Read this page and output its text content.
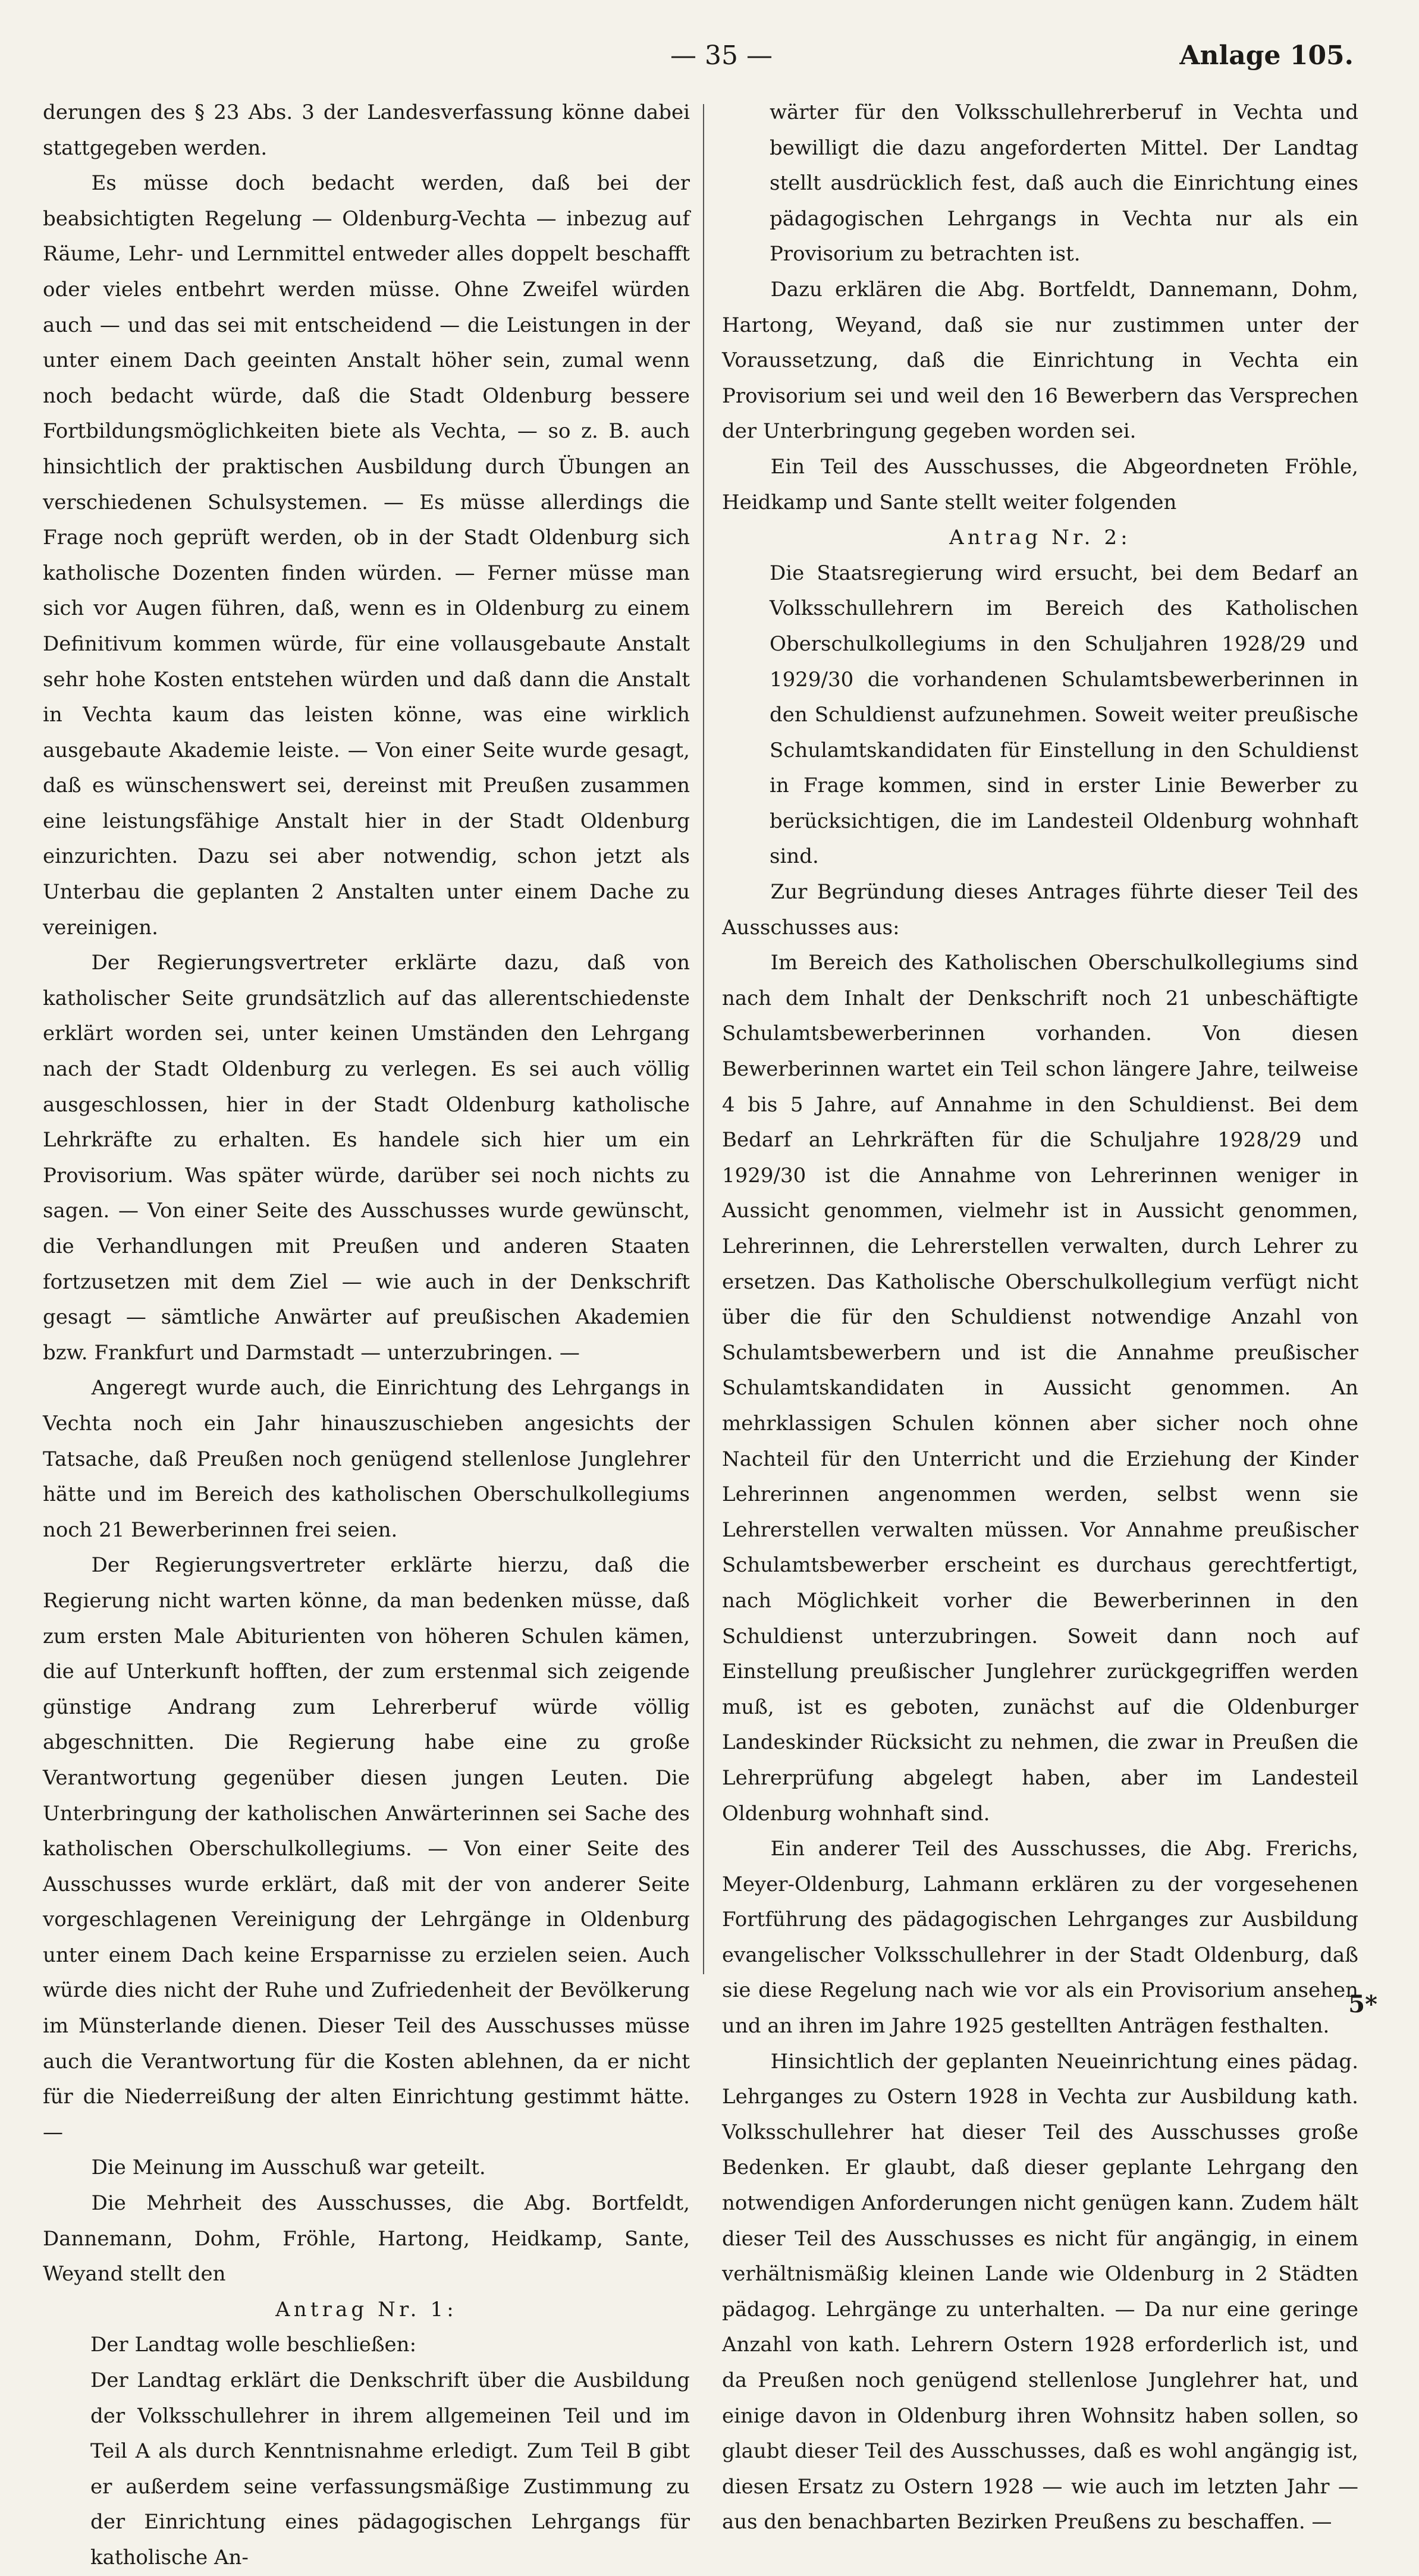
— 35 —	Anlage 105.

derungen des § 23 Abs. 3 der Landesverfassung könne dabei stattgegeben werden.

Es müsse doch bedacht werden, daß bei der beabsichtigten Regelung — Oldenburg-Vechta — inbezug auf Räume, Lehr- und Lernmittel entweder alles doppelt beschafft oder vieles entbehrt werden müsse. Ohne Zweifel würden auch — und das sei mit entscheidend — die Leistungen in der unter einem Dach geeinten Anstalt höher sein, zumal wenn noch bedacht würde, daß die Stadt Oldenburg bessere Fortbildungsmöglichkeiten biete als Vechta, — so z. B. auch hinsichtlich der praktischen Ausbildung durch Übungen an verschiedenen Schulsystemen. — Es müsse allerdings die Frage noch geprüft werden, ob in der Stadt Oldenburg sich katholische Dozenten finden würden. — Ferner müsse man sich vor Augen führen, daß, wenn es in Oldenburg zu einem Definitivum kommen würde, für eine vollausgebaute Anstalt sehr hohe Kosten entstehen würden und daß dann die Anstalt in Vechta kaum das leisten könne, was eine wirklich ausgebaute Akademie leiste. — Von einer Seite wurde gesagt, daß es wünschenswert sei, dereinst mit Preußen zusammen eine leistungsfähige Anstalt hier in der Stadt Oldenburg einzurichten. Dazu sei aber notwendig, schon jetzt als Unterbau die geplanten 2 Anstalten unter einem Dache zu vereinigen.

Der Regierungsvertreter erklärte dazu, daß von katholischer Seite grundsätzlich auf das allerentschiedenste erklärt worden sei, unter keinen Umständen den Lehrgang nach der Stadt Oldenburg zu verlegen. Es sei auch völlig ausgeschlossen, hier in der Stadt Oldenburg katholische Lehrkräfte zu erhalten. Es handele sich hier um ein Provisorium. Was später würde, darüber sei noch nichts zu sagen. — Von einer Seite des Ausschusses wurde gewünscht, die Verhandlungen mit Preußen und anderen Staaten fortzusetzen mit dem Ziel — wie auch in der Denkschrift gesagt — sämtliche Anwärter auf preußischen Akademien bzw. Frankfurt und Darmstadt — unterzubringen. —

Angeregt wurde auch, die Einrichtung des Lehrgangs in Vechta noch ein Jahr hinauszuschieben angesichts der Tatsache, daß Preußen noch genügend stellenlose Junglehrer hätte und im Bereich des katholischen Oberschulkollegiums noch 21 Bewerberinnen frei seien.

Der Regierungsvertreter erklärte hierzu, daß die Regierung nicht warten könne, da man bedenken müsse, daß zum ersten Male Abiturienten von höheren Schulen kämen, die auf Unterkunft hofften, der zum erstenmal sich zeigende günstige Andrang zum Lehrerberuf würde völlig abgeschnitten. Die Regierung habe eine zu große Verantwortung gegenüber diesen jungen Leuten. Die Unterbringung der katholischen Anwärterinnen sei Sache des katholischen Oberschulkollegiums. — Von einer Seite des Ausschusses wurde erklärt, daß mit der von anderer Seite vorgeschlagenen Vereinigung der Lehrgänge in Oldenburg unter einem Dach keine Ersparnisse zu erzielen seien. Auch würde dies nicht der Ruhe und Zufriedenheit der Bevölkerung im Münsterlande dienen. Dieser Teil des Ausschusses müsse auch die Verantwortung für die Kosten ablehnen, da er nicht für die Niederreißung der alten Einrichtung gestimmt hätte. —

Die Meinung im Ausschuß war geteilt.

Die Mehrheit des Ausschusses, die Abg. Bortfeldt, Dannemann, Dohm, Fröhle, Hartong, Heidkamp, Sante, Weyand stellt den

Antrag Nr. 1:

Der Landtag wolle beschließen:

Der Landtag erklärt die Denkschrift über die Ausbildung der Volksschullehrer in ihrem allgemeinen Teil und im Teil A als durch Kenntnisnahme erledigt. Zum Teil B gibt er außerdem seine verfassungsmäßige Zustimmung zu der Einrichtung eines pädagogischen Lehrgangs für katholische An-

wärter für den Volksschullehrerberuf in Vechta und bewilligt die dazu angeforderten Mittel. Der Landtag stellt ausdrücklich fest, daß auch die Einrichtung eines pädagogischen Lehrgangs in Vechta nur als ein Provisorium zu betrachten ist.

Dazu erklären die Abg. Bortfeldt, Dannemann, Dohm, Hartong, Weyand, daß sie nur zustimmen unter der Voraussetzung, daß die Einrichtung in Vechta ein Provisorium sei und weil den 16 Bewerbern das Versprechen der Unterbringung gegeben worden sei.

Ein Teil des Ausschusses, die Abgeordneten Fröhle, Heidkamp und Sante stellt weiter folgenden

Antrag Nr. 2:

Die Staatsregierung wird ersucht, bei dem Bedarf an Volksschullehrern im Bereich des Katholischen Oberschulkollegiums in den Schuljahren 1928/29 und 1929/30 die vorhandenen Schulamtsbewerberinnen in den Schuldienst aufzunehmen. Soweit weiter preußische Schulamtskandidaten für Einstellung in den Schuldienst in Frage kommen, sind in erster Linie Bewerber zu berücksichtigen, die im Landesteil Oldenburg wohnhaft sind.

Zur Begründung dieses Antrages führte dieser Teil des Ausschusses aus:

Im Bereich des Katholischen Oberschulkollegiums sind nach dem Inhalt der Denkschrift noch 21 unbeschäftigte Schulamtsbewerberinnen vorhanden. Von diesen Bewerberinnen wartet ein Teil schon längere Jahre, teilweise 4 bis 5 Jahre, auf Annahme in den Schuldienst. Bei dem Bedarf an Lehrkräften für die Schuljahre 1928/29 und 1929/30 ist die Annahme von Lehrerinnen weniger in Aussicht genommen, vielmehr ist in Aussicht genommen, Lehrerinnen, die Lehrerstellen verwalten, durch Lehrer zu ersetzen. Das Katholische Oberschulkollegium verfügt nicht über die für den Schuldienst notwendige Anzahl von Schulamtsbewerbern und ist die Annahme preußischer Schulamtskandidaten in Aussicht genommen. An mehrklassigen Schulen können aber sicher noch ohne Nachteil für den Unterricht und die Erziehung der Kinder Lehrerinnen angenommen werden, selbst wenn sie Lehrerstellen verwalten müssen. Vor Annahme preußischer Schulamtsbewerber erscheint es durchaus gerechtfertigt, nach Möglichkeit vorher die Bewerberinnen in den Schuldienst unterzubringen. Soweit dann noch auf Einstellung preußischer Junglehrer zurückgegriffen werden muß, ist es geboten, zunächst auf die Oldenburger Landeskinder Rücksicht zu nehmen, die zwar in Preußen die Lehrerprüfung abgelegt haben, aber im Landesteil Oldenburg wohnhaft sind.

Ein anderer Teil des Ausschusses, die Abg. Frerichs, Meyer-Oldenburg, Lahmann erklären zu der vorgesehenen Fortführung des pädagogischen Lehrganges zur Ausbildung evangelischer Volksschullehrer in der Stadt Oldenburg, daß sie diese Regelung nach wie vor als ein Provisorium ansehen und an ihren im Jahre 1925 gestellten Anträgen festhalten.

Hinsichtlich der geplanten Neueinrichtung eines pädag. Lehrganges zu Ostern 1928 in Vechta zur Ausbildung kath. Volksschullehrer hat dieser Teil des Ausschusses große Bedenken. Er glaubt, daß dieser geplante Lehrgang den notwendigen Anforderungen nicht genügen kann. Zudem hält dieser Teil des Ausschusses es nicht für angängig, in einem verhältnismäßig kleinen Lande wie Oldenburg in 2 Städten pädagog. Lehrgänge zu unterhalten. — Da nur eine geringe Anzahl von kath. Lehrern Ostern 1928 erforderlich ist, und da Preußen noch genügend stellenlose Junglehrer hat, und einige davon in Oldenburg ihren Wohnsitz haben sollen, so glaubt dieser Teil des Ausschusses, daß es wohl angängig ist, diesen Ersatz zu Ostern 1928 — wie auch im letzten Jahr — aus den benachbarten Bezirken Preußens zu beschaffen. —

5*
